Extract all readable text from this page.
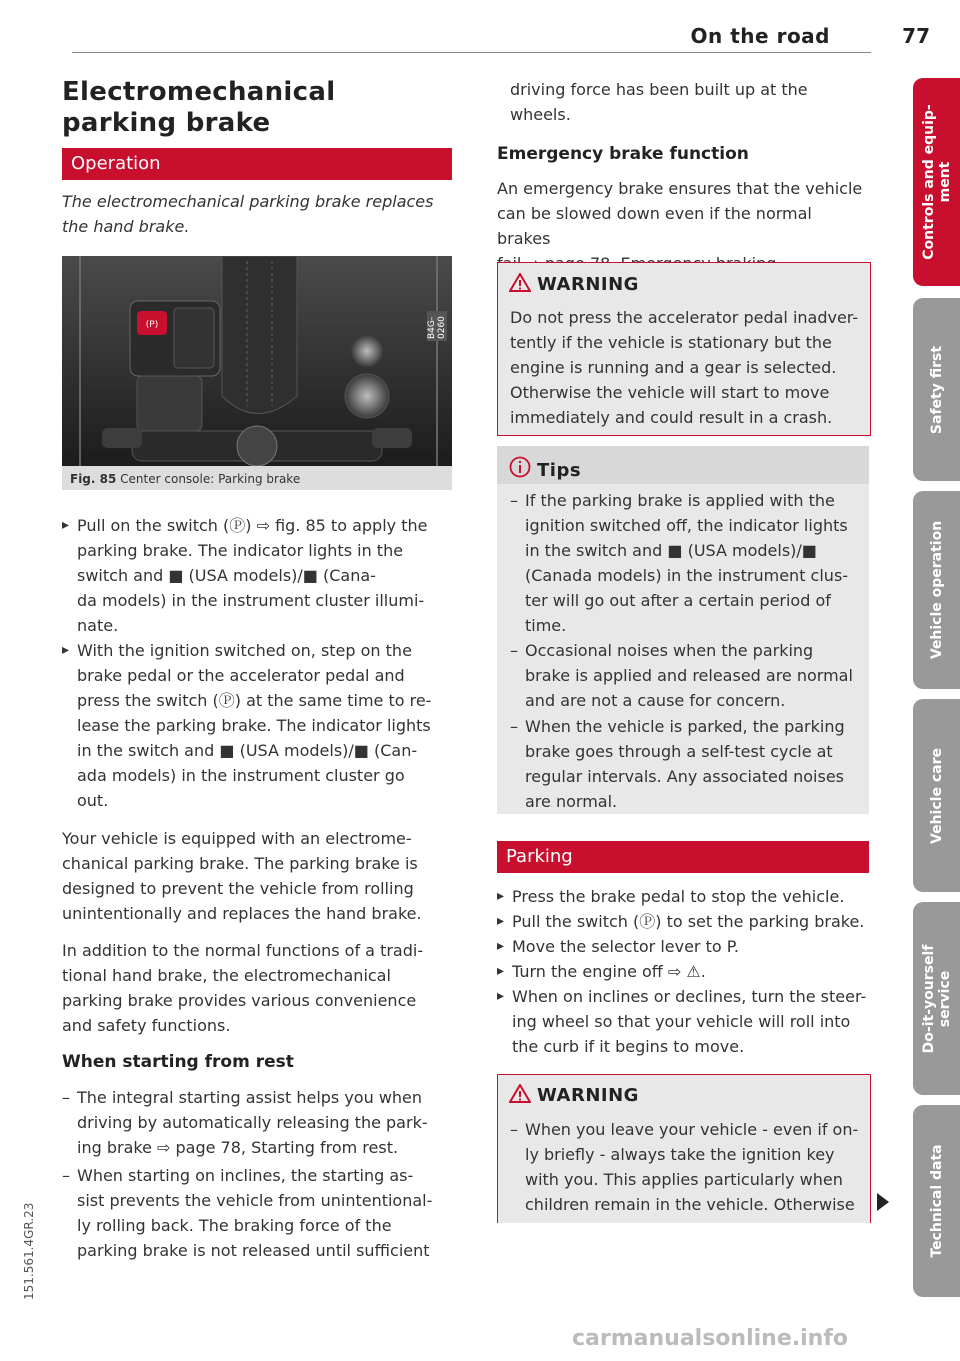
On the road	77
Electromechanical
parking brake
Operation
The electromechanical parking brake replaces
the hand brake.
(P)	B4G-0260
Fig. 85 Center console: Parking brake
▸ Pull on the switch (Ⓟ) ⇨ fig. 85 to apply the
parking brake. The indicator lights in the
switch and ■ (USA models)/■ (Cana-
da models) in the instrument cluster illumi-
nate.
▸ With the ignition switched on, step on the
brake pedal or the accelerator pedal and
press the switch (Ⓟ) at the same time to re-
lease the parking brake. The indicator lights
in the switch and ■ (USA models)/■ (Can-
ada models) in the instrument cluster go
out.
Your vehicle is equipped with an electrome-
chanical parking brake. The parking brake is
designed to prevent the vehicle from rolling
unintentionally and replaces the hand brake.
In addition to the normal functions of a tradi-
tional hand brake, the electromechanical
parking brake provides various convenience
and safety functions.
When starting from rest
– The integral starting assist helps you when
driving by automatically releasing the park-
ing brake ⇨ page 78, Starting from rest.
– When starting on inclines, the starting as-
sist prevents the vehicle from unintentional-
ly rolling back. The braking force of the
parking brake is not released until sufficient
driving force has been built up at the
wheels.
Emergency brake function
An emergency brake ensures that the vehicle
can be slowed down even if the normal brakes
WARNING
Do not press the accelerator pedal inadver-
tently if the vehicle is stationary but the
engine is running and a gear is selected.
Otherwise the vehicle will start to move
immediately and could result in a crash.
Tips
– If the parking brake is applied with the
ignition switched off, the indicator lights
in the switch and ■ (USA models)/■
(Canada models) in the instrument clus-
ter will go out after a certain period of
time.
– Occasional noises when the parking
brake is applied and released are normal
and are not a cause for concern.
– When the vehicle is parked, the parking
brake goes through a self-test cycle at
regular intervals. Any associated noises
are normal.
Parking
▸ Press the brake pedal to stop the vehicle.
▸ Pull the switch (Ⓟ) to set the parking brake.
▸ Move the selector lever to P.
▸ Turn the engine off ⇨ ⚠.
▸ When on inclines or declines, turn the steer-
ing wheel so that your vehicle will roll into
the curb if it begins to move.
WARNING
– When you leave your vehicle - even if on-
ly briefly - always take the ignition key
with you. This applies particularly when
children remain in the vehicle. Otherwise
Controls and equip-
ment
Safety first
Vehicle operation
Vehicle care
Do-it-yourself
service
Technical data
151.561.4GR.23
carmanualsonline.info
